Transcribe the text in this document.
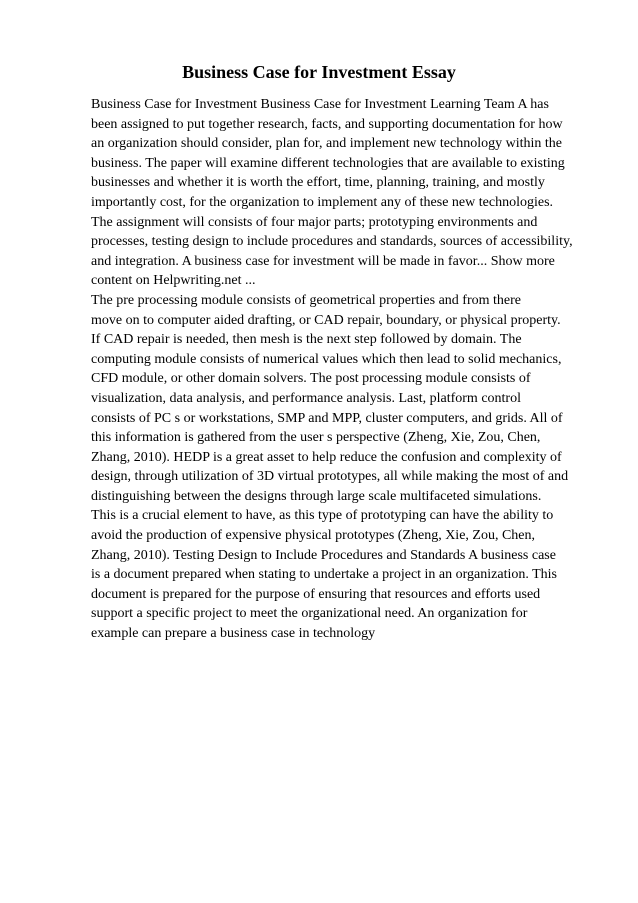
Business Case for Investment Essay
Business Case for Investment Business Case for Investment Learning Team A has
been assigned to put together research, facts, and supporting documentation for how
an organization should consider, plan for, and implement new technology within the
business. The paper will examine different technologies that are available to existing
businesses and whether it is worth the effort, time, planning, training, and mostly
importantly cost, for the organization to implement any of these new technologies.
The assignment will consists of four major parts; prototyping environments and
processes, testing design to include procedures and standards, sources of accessibility,
and integration. A business case for investment will be made in favor... Show more
content on Helpwriting.net ...
The pre processing module consists of geometrical properties and from there
move on to computer aided drafting, or CAD repair, boundary, or physical property.
If CAD repair is needed, then mesh is the next step followed by domain. The
computing module consists of numerical values which then lead to solid mechanics,
CFD module, or other domain solvers. The post processing module consists of
visualization, data analysis, and performance analysis. Last, platform control
consists of PC s or workstations, SMP and MPP, cluster computers, and grids. All of
this information is gathered from the user s perspective (Zheng, Xie, Zou, Chen,
Zhang, 2010). HEDP is a great asset to help reduce the confusion and complexity of
design, through utilization of 3D virtual prototypes, all while making the most of and
distinguishing between the designs through large scale multifaceted simulations.
This is a crucial element to have, as this type of prototyping can have the ability to
avoid the production of expensive physical prototypes (Zheng, Xie, Zou, Chen,
Zhang, 2010). Testing Design to Include Procedures and Standards A business case
is a document prepared when stating to undertake a project in an organization. This
document is prepared for the purpose of ensuring that resources and efforts used
support a specific project to meet the organizational need. An organization for
example can prepare a business case in technology
